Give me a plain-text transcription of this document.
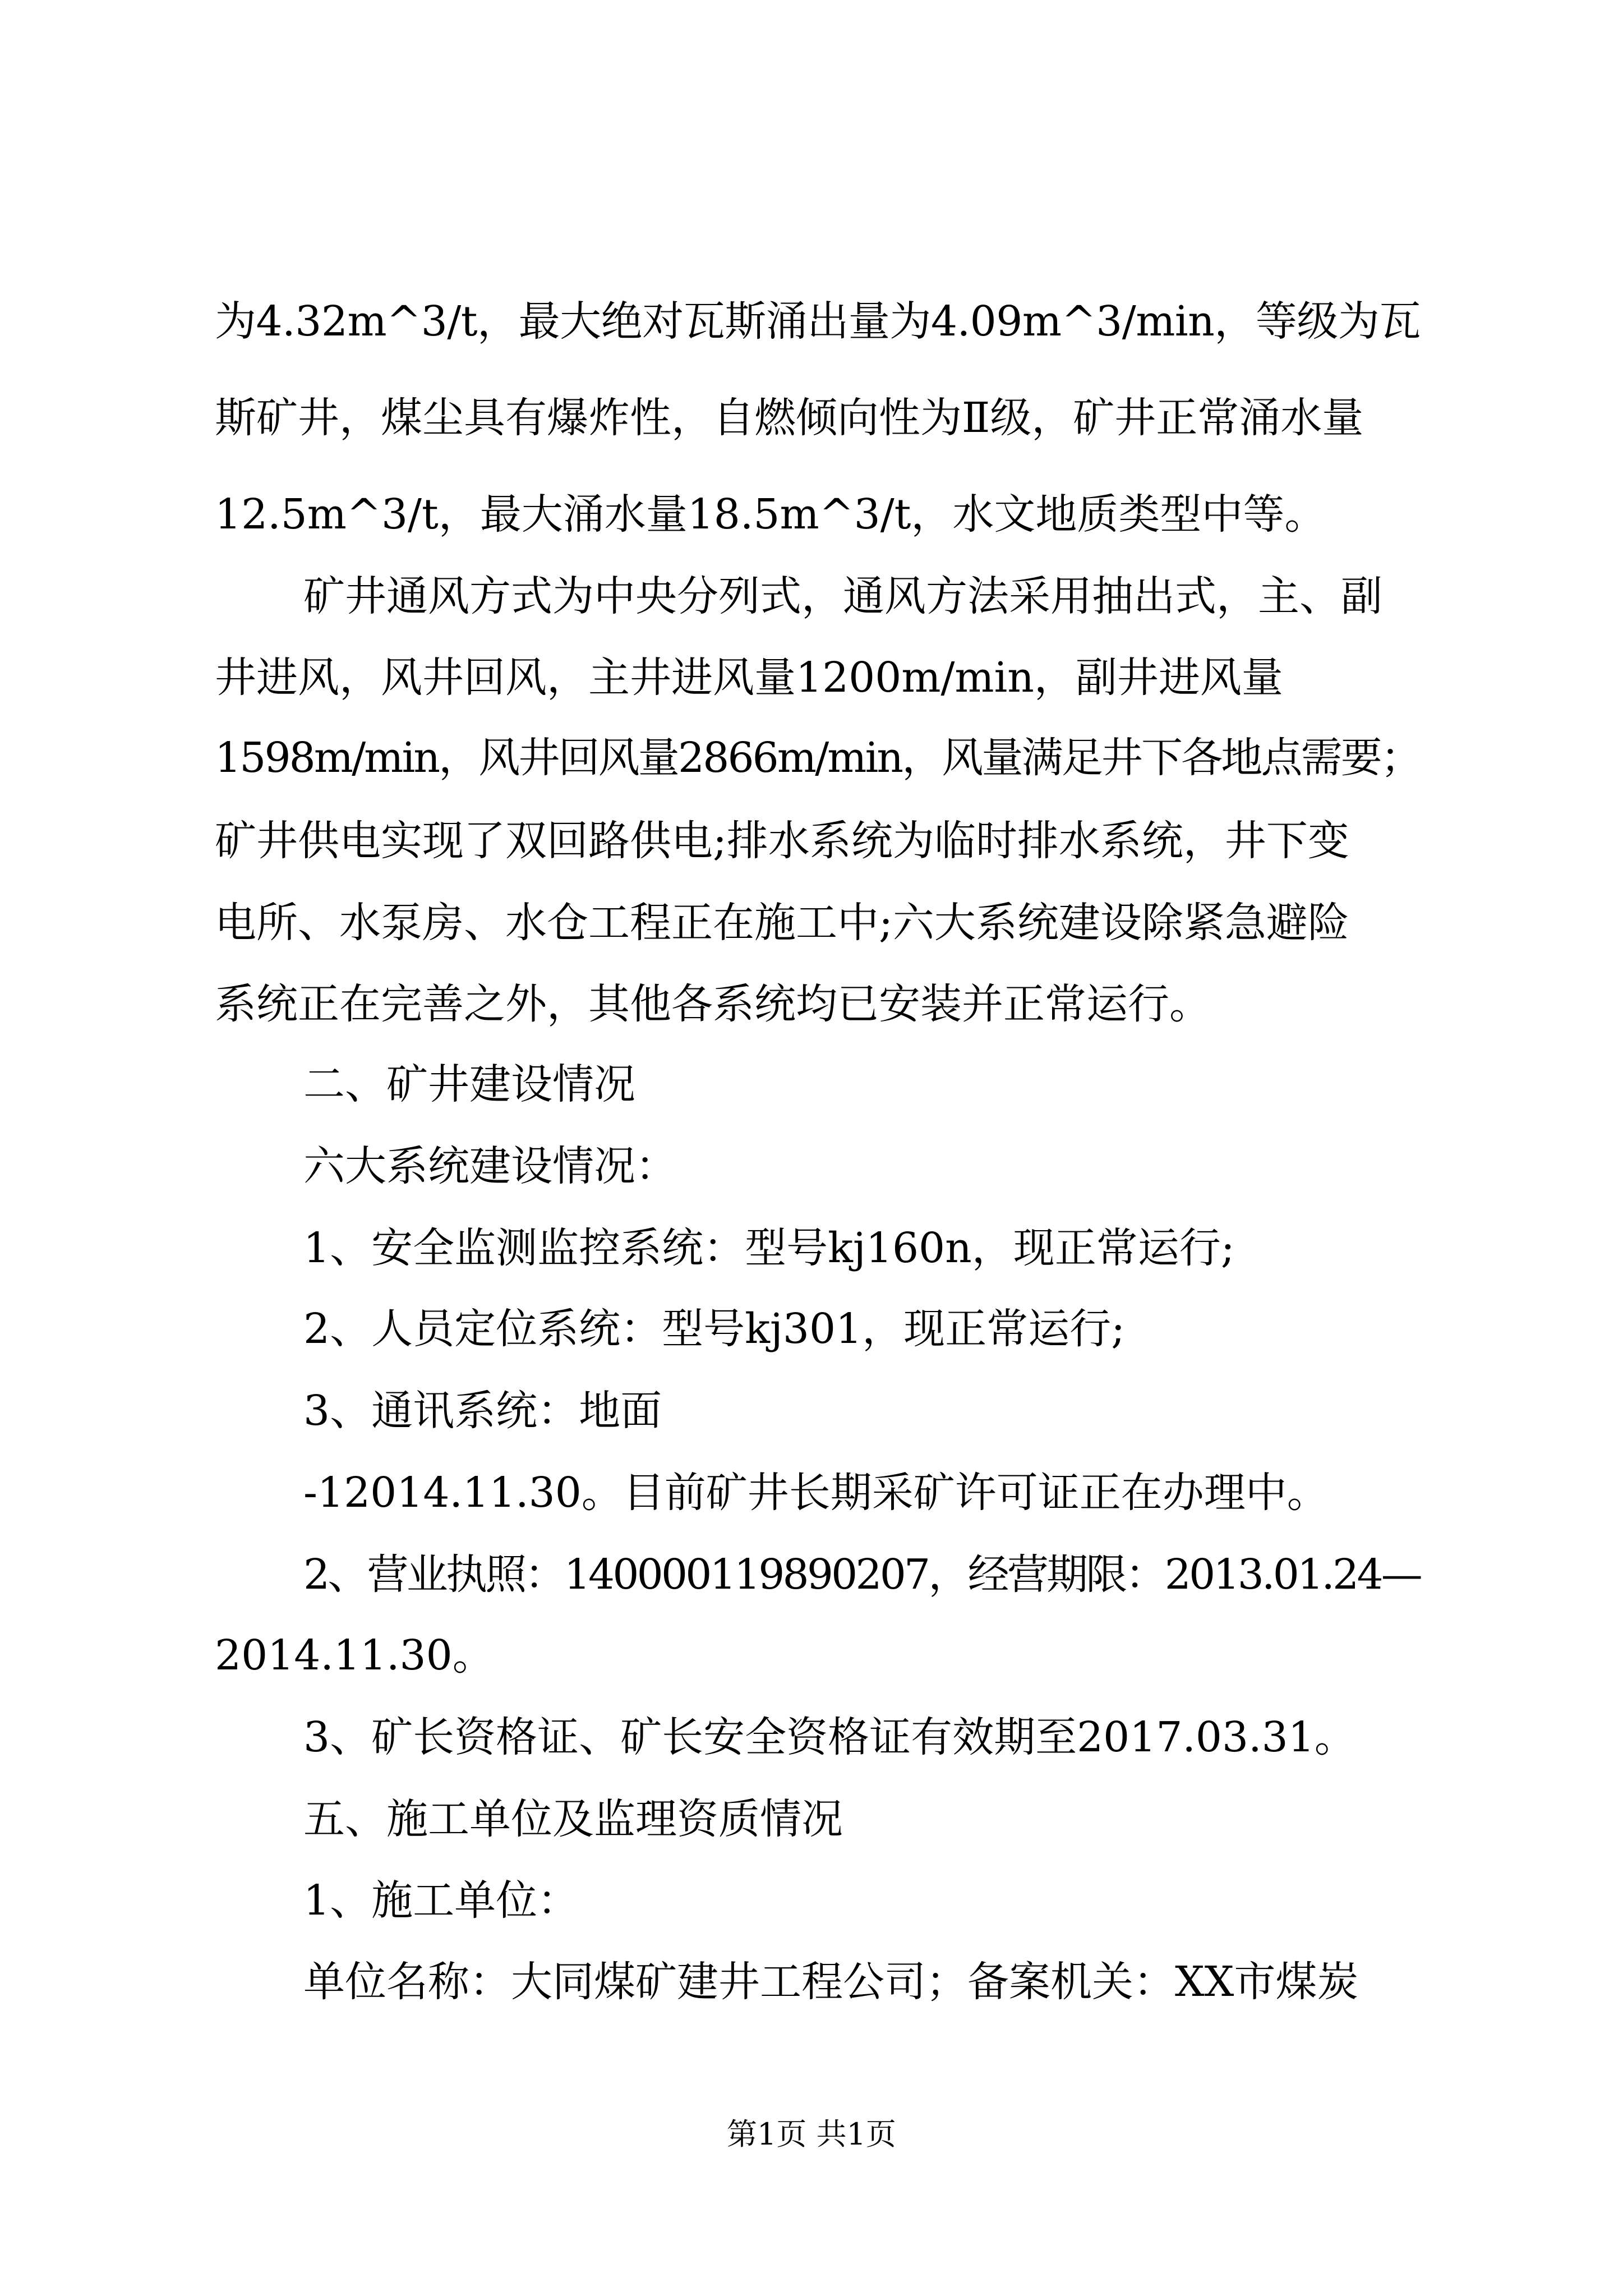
为4.32m^3/t，最大绝对瓦斯涌出量为4.09m^3/min，等级为瓦

斯矿井，煤尘具有爆炸性，自燃倾向性为Ⅱ级，矿井正常涌水量

12.5m^3/t，最大涌水量18.5m^3/t，水文地质类型中等。

矿井通风方式为中央分列式，通风方法采用抽出式，主、副

井进风，风井回风，主井进风量1200m/min，副井进风量

1598m/min，风井回风量2866m/min，风量满足井下各地点需要；

矿井供电实现了双回路供电;排水系统为临时排水系统，井下变

电所、水泵房、水仓工程正在施工中;六大系统建设除紧急避险

系统正在完善之外，其他各系统均已安装并正常运行。

二、矿井建设情况

六大系统建设情况：

1、安全监测监控系统：型号kj160n，现正常运行;

2、人员定位系统：型号kj301，现正常运行;

3、通讯系统：地面

-12014.11.30。目前矿井长期采矿许可证正在办理中。

2、营业执照：140000119890207，经营期限：2013.01.24—

2014.11.30。

3、矿长资格证、矿长安全资格证有效期至2017.03.31。

五、施工单位及监理资质情况

1、施工单位：

单位名称：大同煤矿建井工程公司；备案机关：XX市煤炭

第1页 共1页
